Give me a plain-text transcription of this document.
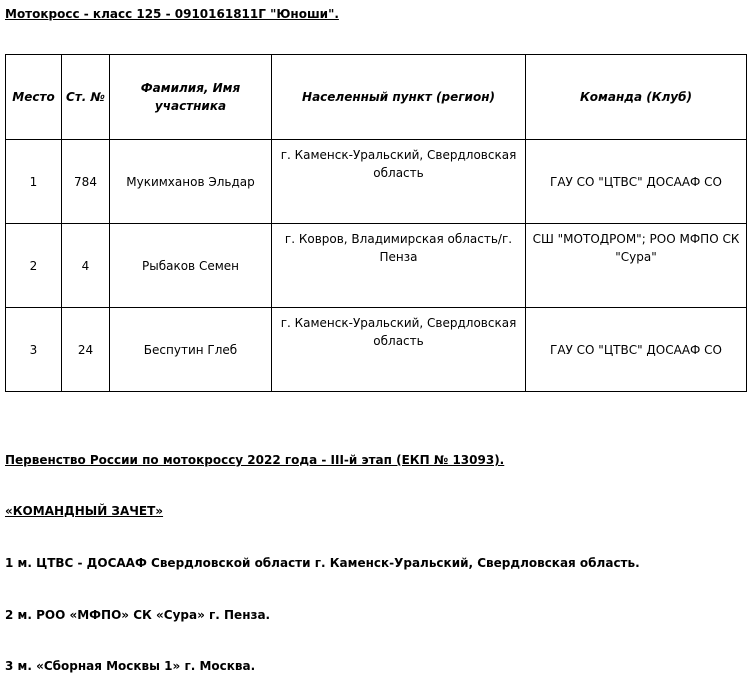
Мотокросс - класс 125 - 0910161811Г "Юноши".

Место	Ст. №	Фамилия, Имя участника	Населенный пункт (регион)	Команда (Клуб)
1	784	Мукимханов Эльдар	г. Каменск-Уральский, Свердловская область	ГАУ СО "ЦТВС" ДОСААФ СО
2	4	Рыбаков Семен	г. Ковров, Владимирская область/г. Пенза	СШ "МОТОДРОМ"; РОО МФПО СК "Сура"
3	24	Беспутин Глеб	г. Каменск-Уральский, Свердловская область	ГАУ СО "ЦТВС" ДОСААФ СО

Первенство России по мотокроссу 2022 года - III-й этап (ЕКП № 13093).

«КОМАНДНЫЙ ЗАЧЕТ»

1 м. ЦТВС - ДОСААФ Свердловской области г. Каменск-Уральский, Свердловская область.

2 м. РОО «МФПО» СК «Сура» г. Пенза.

3 м. «Сборная Москвы 1» г. Москва.
